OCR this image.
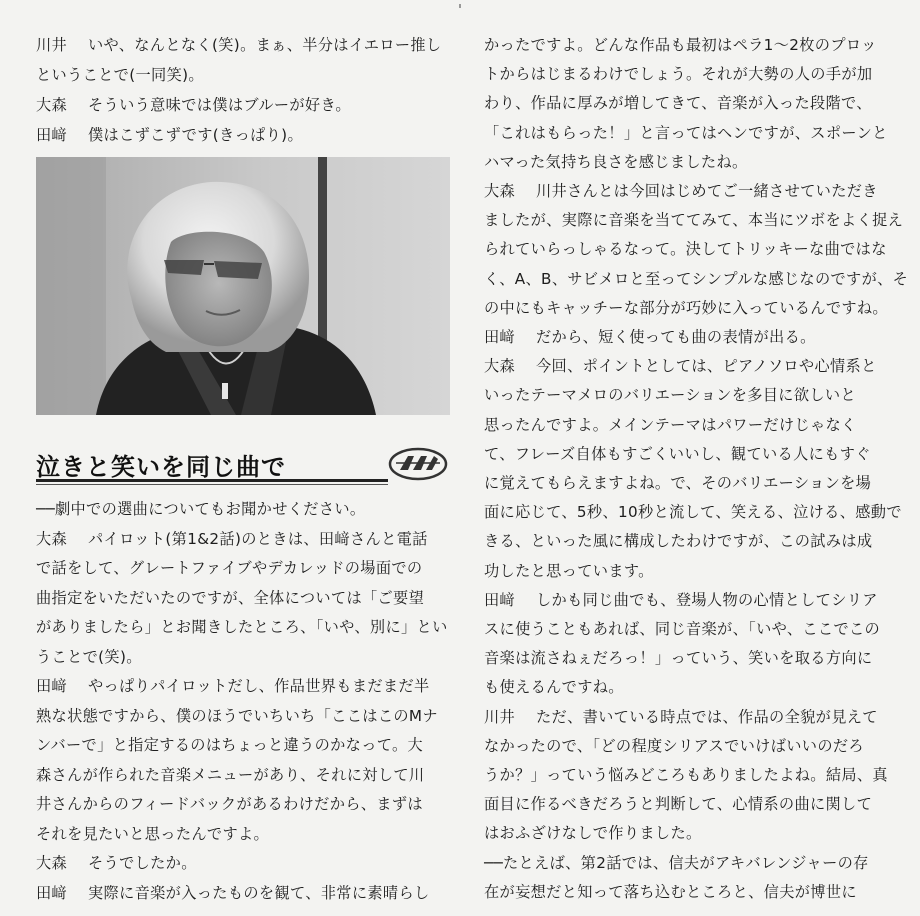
川井 いや、なんとなく(笑)。まぁ、半分はイエロー推し
ということで(一同笑)。
大森 そういう意味では僕はブルーが好き。
田﨑 僕はこずこずです(きっぱり)。
泣きと笑いを同じ曲で
──劇中での選曲についてもお聞かせください。
大森 パイロット(第1&2話)のときは、田﨑さんと電話
で話をして、グレートファイブやデカレッドの場面での
曲指定をいただいたのですが、全体については「ご要望
がありましたら」とお聞きしたところ、「いや、別に」とい
うことで(笑)。
田﨑 やっぱりパイロットだし、作品世界もまだまだ半
熟な状態ですから、僕のほうでいちいち「ここはこのMナ
ンバーで」と指定するのはちょっと違うのかなって。大
森さんが作られた音楽メニューがあり、それに対して川
井さんからのフィードバックがあるわけだから、まずは
それを見たいと思ったんですよ。
大森 そうでしたか。
田﨑 実際に音楽が入ったものを観て、非常に素晴らし
かったですよ。どんな作品も最初はペラ1～2枚のプロッ
トからはじまるわけでしょう。それが大勢の人の手が加
わり、作品に厚みが増してきて、音楽が入った段階で、
「これはもらった！」と言ってはヘンですが、スポーンと
ハマった気持ち良さを感じましたね。
大森 川井さんとは今回はじめてご一緒させていただき
ましたが、実際に音楽を当ててみて、本当にツボをよく捉え
られていらっしゃるなって。決してトリッキーな曲ではな
く、A、B、サビメロと至ってシンプルな感じなのですが、そ
の中にもキャッチーな部分が巧妙に入っているんですね。
田﨑 だから、短く使っても曲の表情が出る。
大森 今回、ポイントとしては、ピアノソロや心情系と
いったテーマメロのバリエーションを多目に欲しいと
思ったんですよ。メインテーマはパワーだけじゃなく
て、フレーズ自体もすごくいいし、観ている人にもすぐ
に覚えてもらえますよね。で、そのバリエーションを場
面に応じて、5秒、10秒と流して、笑える、泣ける、感動で
きる、といった風に構成したわけですが、この試みは成
功したと思っています。
田﨑 しかも同じ曲でも、登場人物の心情としてシリア
スに使うこともあれば、同じ音楽が、「いや、ここでこの
音楽は流さねぇだろっ！」っていう、笑いを取る方向に
も使えるんですね。
川井 ただ、書いている時点では、作品の全貌が見えて
なかったので、「どの程度シリアスでいけばいいのだろ
うか？」っていう悩みどころもありましたよね。結局、真
面目に作るべきだろうと判断して、心情系の曲に関して
はおふざけなしで作りました。
──たとえば、第2話では、信夫がアキバレンジャーの存
在が妄想だと知って落ち込むところと、信夫が博世に
